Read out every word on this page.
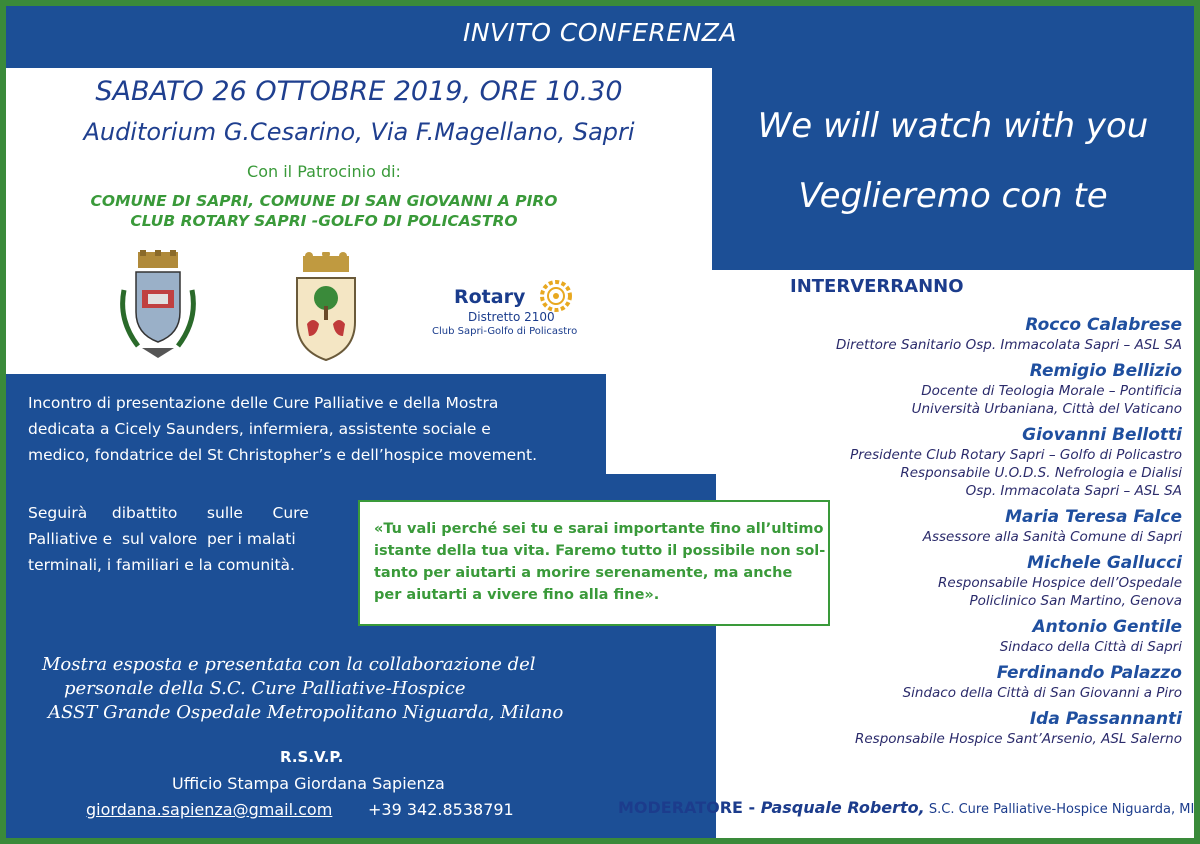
INVITO CONFERENZA
We will watch with you
Veglieremo con te
SABATO 26 OTTOBRE 2019, ORE 10.30
Auditorium G.Cesarino, Via F.Magellano, Sapri
Con il Patrocinio di:
COMUNE DI SAPRI, COMUNE DI SAN GIOVANNI A PIRO
CLUB ROTARY SAPRI -GOLFO DI POLICASTRO
Rotary
Distretto 2100
Club Sapri-Golfo di Policastro
Incontro di presentazione delle Cure Palliative e della Mostra
dedicata a Cicely Saunders, infermiera, assistente sociale e
medico, fondatrice del St Christopher’s e dell’hospice movement.
Seguirà     dibattito      sulle      Cure
Palliative e  sul valore  per i malati
terminali, i familiari e la comunità.
Mostra esposta e presentata con la collaborazione del
personale della S.C. Cure Palliative-Hospice
ASST Grande Ospedale Metropolitano Niguarda, Milano
R.S.V.P.
Ufficio Stampa Giordana Sapienza
giordana.sapienza@gmail.com +39 342.8538791
«Tu vali perché sei tu e sarai importante fino all’ultimo
istante della tua vita. Faremo tutto il possibile non sol-
tanto per aiutarti a morire serenamente, ma anche
per aiutarti a vivere fino alla fine».
INTERVERRANNO
Rocco Calabrese
Direttore Sanitario Osp. Immacolata Sapri – ASL SA
Remigio Bellizio
Docente di Teologia Morale – Pontificia
Università Urbaniana, Città del Vaticano
Giovanni Bellotti
Presidente Club Rotary Sapri – Golfo di Policastro
Responsabile U.O.D.S. Nefrologia e Dialisi
Osp. Immacolata Sapri – ASL SA
Maria Teresa Falce
Assessore alla Sanità Comune di Sapri
Michele Gallucci
Responsabile Hospice dell’Ospedale
Policlinico San Martino, Genova
Antonio Gentile
Sindaco della Città di Sapri
Ferdinando Palazzo
Sindaco della Città di San Giovanni a Piro
Ida Passannanti
Responsabile Hospice Sant’Arsenio, ASL Salerno
MODERATORE - Pasquale Roberto, S.C. Cure Palliative-Hospice Niguarda, MI
